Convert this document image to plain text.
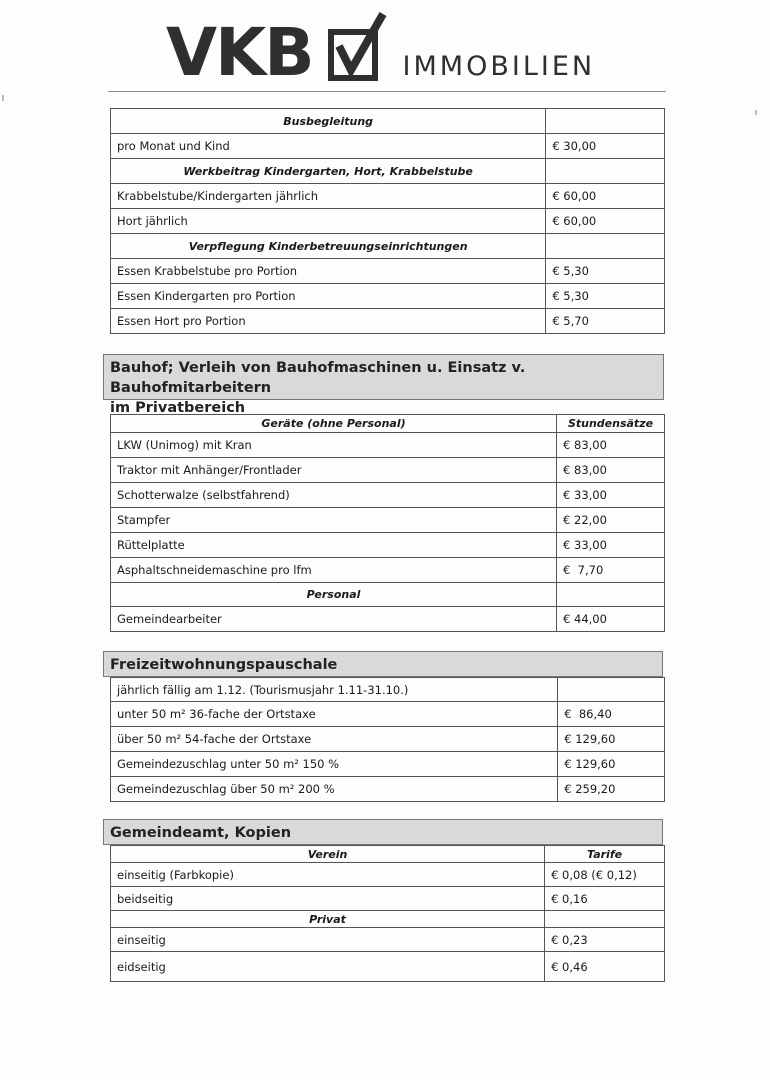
VKB	IMMOBILIEN
Busbegleitung	
pro Monat und Kind	€ 30,00
Werkbeitrag Kindergarten, Hort, Krabbelstube	
Krabbelstube/Kindergarten jährlich	€ 60,00
Hort jährlich	€ 60,00
Verpflegung Kinderbetreuungseinrichtungen	
Essen Krabbelstube pro Portion	€ 5,30
Essen Kindergarten pro Portion	€ 5,30
Essen Hort pro Portion	€ 5,70
Bauhof; Verleih von Bauhofmaschinen u. Einsatz v. Bauhofmitarbeitern
im Privatbereich
Geräte (ohne Personal)	Stundensätze
LKW (Unimog) mit Kran	€ 83,00
Traktor mit Anhänger/Frontlader	€ 83,00
Schotterwalze (selbstfahrend)	€ 33,00
Stampfer	€ 22,00
Rüttelplatte	€ 33,00
Asphaltschneidemaschine pro lfm	€  7,70
Personal	
Gemeindearbeiter	€ 44,00
Freizeitwohnungspauschale
jährlich fällig am 1.12. (Tourismusjahr 1.11-31.10.)	
unter 50 m² 36-fache der Ortstaxe	€  86,40
über 50 m² 54-fache der Ortstaxe	€ 129,60
Gemeindezuschlag unter 50 m² 150 %	€ 129,60
Gemeindezuschlag über 50 m² 200 %	€ 259,20
Gemeindeamt, Kopien
Verein	Tarife
einseitig (Farbkopie)	€ 0,08 (€ 0,12)
beidseitig	€ 0,16
Privat	
einseitig	€ 0,23
eidseitig	€ 0,46
